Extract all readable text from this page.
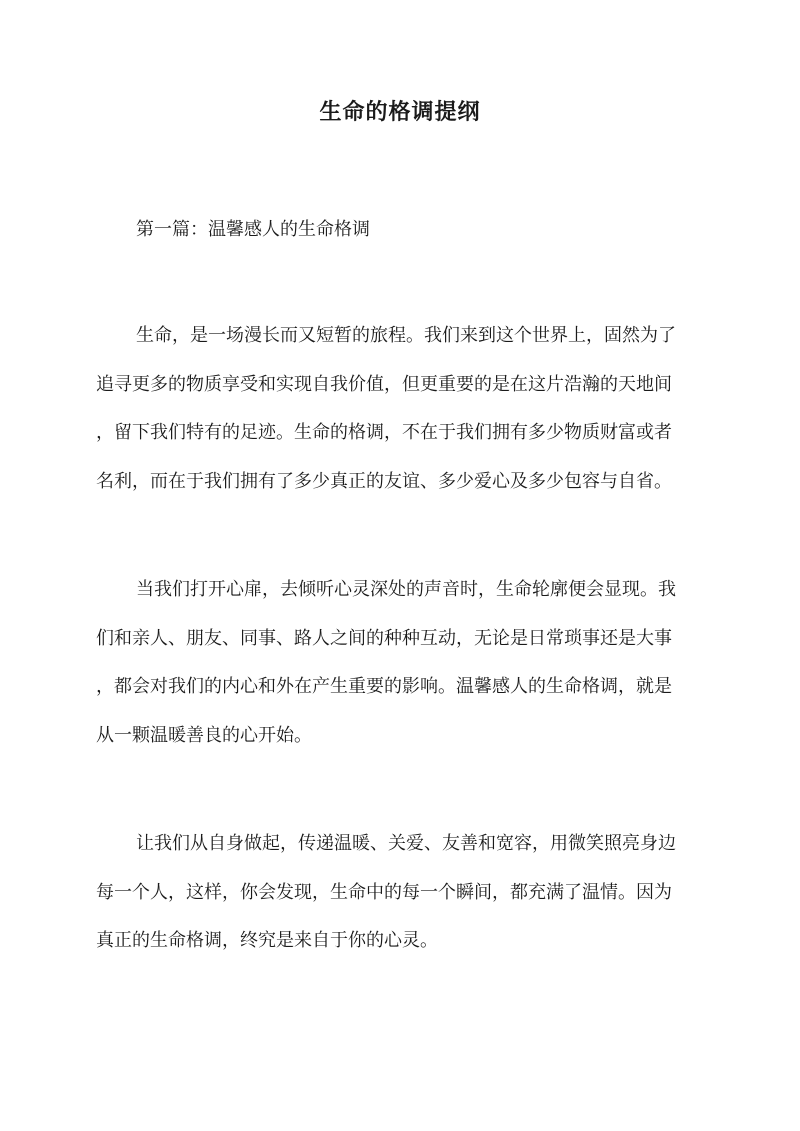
生命的格调提纲

第一篇：温馨感人的生命格调

生命，是一场漫长而又短暂的旅程。我们来到这个世界上，固然为了
追寻更多的物质享受和实现自我价值，但更重要的是在这片浩瀚的天地间
，留下我们特有的足迹。生命的格调，不在于我们拥有多少物质财富或者
名利，而在于我们拥有了多少真正的友谊、多少爱心及多少包容与自省。
当我们打开心扉，去倾听心灵深处的声音时，生命轮廓便会显现。我
们和亲人、朋友、同事、路人之间的种种互动，无论是日常琐事还是大事
，都会对我们的内心和外在产生重要的影响。温馨感人的生命格调，就是
从一颗温暖善良的心开始。
让我们从自身做起，传递温暖、关爱、友善和宽容，用微笑照亮身边
每一个人，这样，你会发现，生命中的每一个瞬间，都充满了温情。因为
真正的生命格调，终究是来自于你的心灵。
